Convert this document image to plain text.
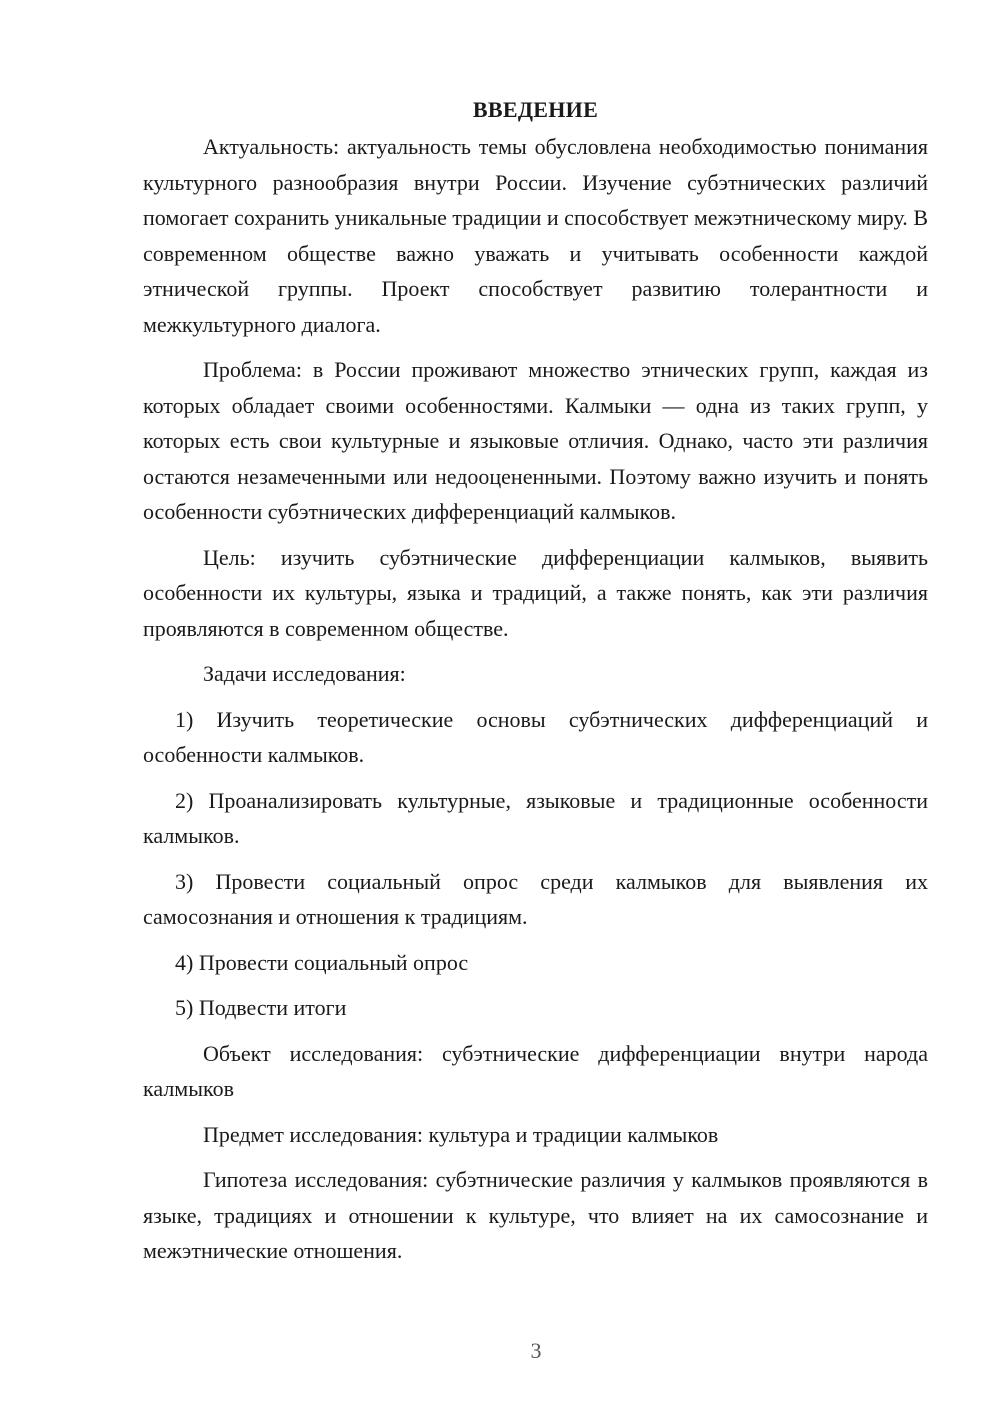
ВВЕДЕНИЕ

Актуальность: актуальность темы обусловлена необходимостью понимания культурного разнообразия внутри России. Изучение субэтнических различий помогает сохранить уникальные традиции и способствует межэтническому миру. В современном обществе важно уважать и учитывать особенности каждой этнической группы. Проект способствует развитию толерантности и межкультурного диалога.

Проблема: в России проживают множество этнических групп, каждая из которых обладает своими особенностями. Калмыки — одна из таких групп, у которых есть свои культурные и языковые отличия. Однако, часто эти различия остаются незамеченными или недооцененными. Поэтому важно изучить и понять особенности субэтнических дифференциаций калмыков.

Цель: изучить субэтнические дифференциации калмыков, выявить особенности их культуры, языка и традиций, а также понять, как эти различия проявляются в современном обществе.

Задачи исследования:

1) Изучить теоретические основы субэтнических дифференциаций и особенности калмыков.

2) Проанализировать культурные, языковые и традиционные особенности калмыков.

3) Провести социальный опрос среди калмыков для выявления их самосознания и отношения к традициям.

4) Провести социальный опрос

5) Подвести итоги

Объект исследования: субэтнические дифференциации внутри народа калмыков

Предмет исследования: культура и традиции калмыков

Гипотеза исследования: субэтнические различия у калмыков проявляются в языке, традициях и отношении к культуре, что влияет на их самосознание и межэтнические отношения.

3
